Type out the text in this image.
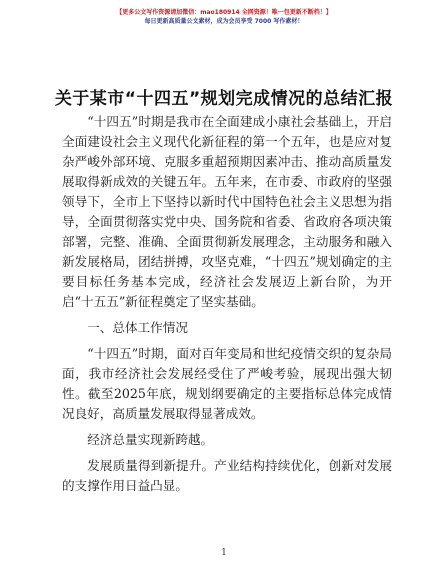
【更多公文写作资源请加微信：mao180914 全网资源！唯一包更新不断档！】
每日更新高质量公文素材，成为会员享受 7000 写作素材！
关于某市“十四五”规划完成情况的总结汇报

“十四五”时期是我市在全面建成小康社会基础上，开启全面建设社会主义现代化新征程的第一个五年，也是应对复杂严峻外部环境、克服多重超预期因素冲击、推动高质量发展取得新成效的关键五年。五年来，在市委、市政府的坚强领导下，全市上下坚持以新时代中国特色社会主义思想为指导，全面贯彻落实党中央、国务院和省委、省政府各项决策部署，完整、准确、全面贯彻新发展理念，主动服务和融入新发展格局，团结拼搏，攻坚克难，“十四五”规划确定的主要目标任务基本完成，经济社会发展迈上新台阶，为开启“十五五”新征程奠定了坚实基础。

一、总体工作情况

“十四五”时期，面对百年变局和世纪疫情交织的复杂局面，我市经济社会发展经受住了严峻考验，展现出强大韧性。截至2025年底，规划纲要确定的主要指标总体完成情况良好，高质量发展取得显著成效。

经济总量实现新跨越。

发展质量得到新提升。产业结构持续优化，创新对发展的支撑作用日益凸显。

1
